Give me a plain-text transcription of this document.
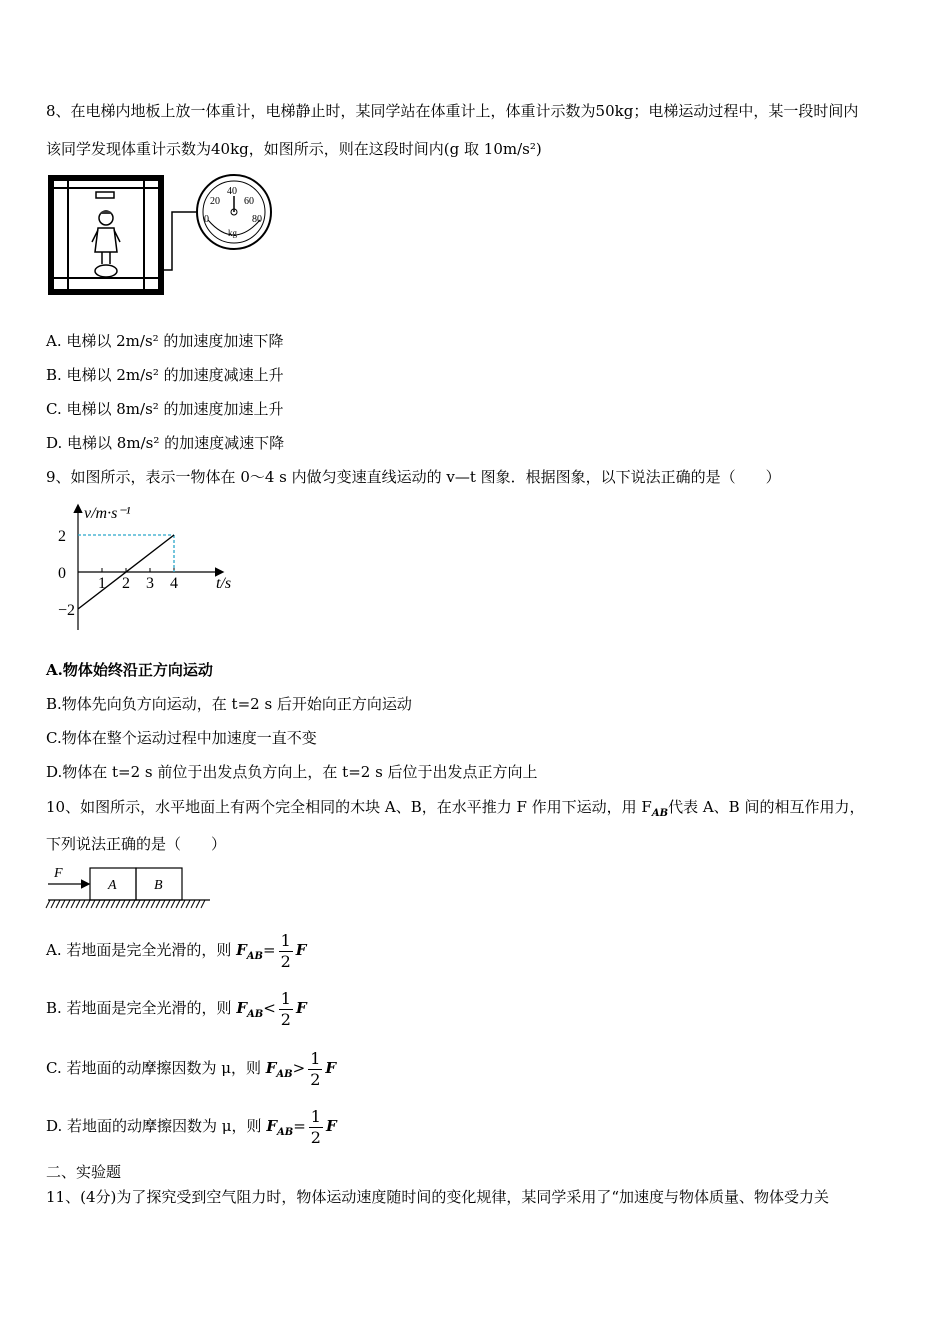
8、在电梯内地板上放一体重计，电梯静止时，某同学站在体重计上，体重计示数为50kg；电梯运动过程中，某一段时间内
该同学发现体重计示数为40kg，如图所示，则在这段时间内(g 取 10m/s²)
0
20
40
60
80
kg
A. 电梯以 2m/s² 的加速度加速下降
B. 电梯以 2m/s² 的加速度减速上升
C. 电梯以 8m/s² 的加速度加速上升
D. 电梯以 8m/s² 的加速度减速下降
9、如图所示，表示一物体在 0～4 s 内做匀变速直线运动的 v—t 图象．根据图象，以下说法正确的是（　　）
v/m·s⁻¹
t/s
1 2 3 4
2
0
−2
A.物体始终沿正方向运动
B.物体先向负方向运动，在 t=2 s 后开始向正方向运动
C.物体在整个运动过程中加速度一直不变
D.物体在 t=2 s 前位于出发点负方向上，在 t=2 s 后位于出发点正方向上
10、如图所示，水平地面上有两个完全相同的木块 A、B，在水平推力 F 作用下运动，用 $F_{AB}$代表 A、B 间的相互作用力，
下列说法正确的是（　　）
F
A	B
A. 若地面是完全光滑的，则 $F_{AB}= \frac{1}{2}$ F
B. 若地面是完全光滑的，则 $F_{AB}< \frac{1}{2}$ F
C. 若地面的动摩擦因数为 μ，则 $F_{AB}> \frac{1}{2}$ F
D. 若地面的动摩擦因数为 μ，则 $F_{AB}= \frac{1}{2}$ F
二、实验题
11、(4分)为了探究受到空气阻力时，物体运动速度随时间的变化规律，某同学采用了“加速度与物体质量、物体受力关
